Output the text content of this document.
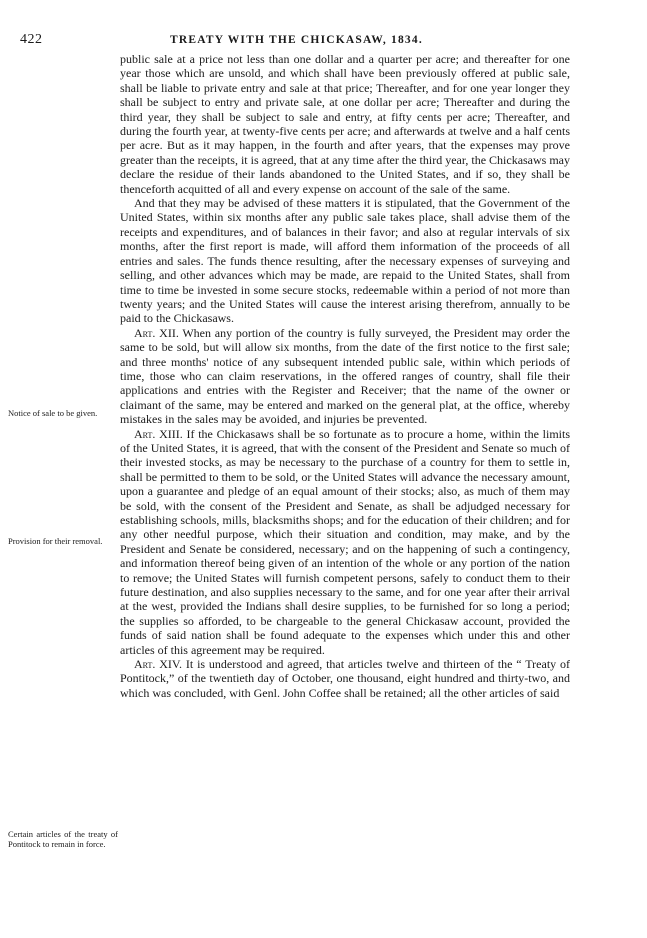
422	TREATY WITH THE CHICKASAW, 1834.
Notice of sale to be given.
Provision for their removal.
Certain articles of the treaty of Pontitock to remain in force.

public sale at a price not less than one dollar and a quarter per acre; and thereafter for one year those which are unsold, and which shall have been previously offered at public sale, shall be liable to private entry and sale at that price; Thereafter, and for one year longer they shall be subject to entry and private sale, at one dollar per acre; Thereafter and during the third year, they shall be subject to sale and entry, at fifty cents per acre; Thereafter, and during the fourth year, at twenty-five cents per acre; and afterwards at twelve and a half cents per acre. But as it may happen, in the fourth and after years, that the expenses may prove greater than the receipts, it is agreed, that at any time after the third year, the Chickasaws may declare the residue of their lands abandoned to the United States, and if so, they shall be thenceforth acquitted of all and every expense on account of the sale of the same.

And that they may be advised of these matters it is stipulated, that the Government of the United States, within six months after any public sale takes place, shall advise them of the receipts and expenditures, and of balances in their favor; and also at regular intervals of six months, after the first report is made, will afford them information of the proceeds of all entries and sales. The funds thence resulting, after the necessary expenses of surveying and selling, and other advances which may be made, are repaid to the United States, shall from time to time be invested in some secure stocks, redeemable within a period of not more than twenty years; and the United States will cause the interest arising therefrom, annually to be paid to the Chickasaws.

Art. XII. When any portion of the country is fully surveyed, the President may order the same to be sold, but will allow six months, from the date of the first notice to the first sale; and three months' notice of any subsequent intended public sale, within which periods of time, those who can claim reservations, in the offered ranges of country, shall file their applications and entries with the Register and Receiver; that the name of the owner or claimant of the same, may be entered and marked on the general plat, at the office, whereby mistakes in the sales may be avoided, and injuries be prevented.

Art. XIII. If the Chickasaws shall be so fortunate as to procure a home, within the limits of the United States, it is agreed, that with the consent of the President and Senate so much of their invested stocks, as may be necessary to the purchase of a country for them to settle in, shall be permitted to them to be sold, or the United States will advance the necessary amount, upon a guarantee and pledge of an equal amount of their stocks; also, as much of them may be sold, with the consent of the President and Senate, as shall be adjudged necessary for establishing schools, mills, blacksmiths shops; and for the education of their children; and for any other needful purpose, which their situation and condition, may make, and by the President and Senate be considered, necessary; and on the happening of such a contingency, and information thereof being given of an intention of the whole or any portion of the nation to remove; the United States will furnish competent persons, safely to conduct them to their future destination, and also supplies necessary to the same, and for one year after their arrival at the west, provided the Indians shall desire supplies, to be furnished for so long a period; the supplies so afforded, to be chargeable to the general Chickasaw account, provided the funds of said nation shall be found adequate to the expenses which under this and other articles of this agreement may be required.

Art. XIV. It is understood and agreed, that articles twelve and thirteen of the “ Treaty of Pontitock,” of the twentieth day of October, one thousand, eight hundred and thirty-two, and which was concluded, with Genl. John Coffee shall be retained; all the other articles of said
